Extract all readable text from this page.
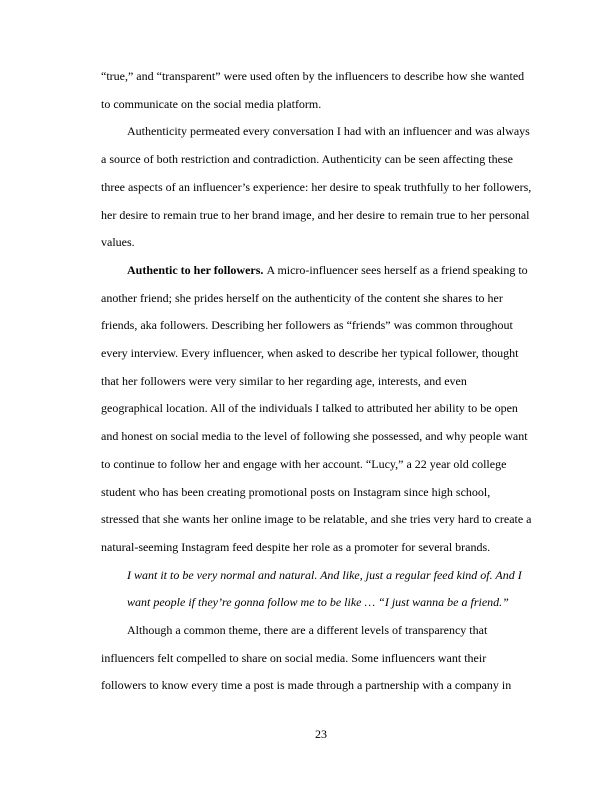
“true,” and “transparent” were used often by the influencers to describe how she wanted
to communicate on the social media platform.
Authenticity permeated every conversation I had with an influencer and was always
a source of both restriction and contradiction. Authenticity can be seen affecting these
three aspects of an influencer’s experience: her desire to speak truthfully to her followers,
her desire to remain true to her brand image, and her desire to remain true to her personal
values.
Authentic to her followers. A micro-influencer sees herself as a friend speaking to
another friend; she prides herself on the authenticity of the content she shares to her
friends, aka followers. Describing her followers as “friends” was common throughout
every interview. Every influencer, when asked to describe her typical follower, thought
that her followers were very similar to her regarding age, interests, and even
geographical location. All of the individuals I talked to attributed her ability to be open
and honest on social media to the level of following she possessed, and why people want
to continue to follow her and engage with her account. “Lucy,” a 22 year old college
student who has been creating promotional posts on Instagram since high school,
stressed that she wants her online image to be relatable, and she tries very hard to create a
natural-seeming Instagram feed despite her role as a promoter for several brands.
I want it to be very normal and natural. And like, just a regular feed kind of. And I
want people if they’re gonna follow me to be like … “I just wanna be a friend.”
Although a common theme, there are a different levels of transparency that
influencers felt compelled to share on social media. Some influencers want their
followers to know every time a post is made through a partnership with a company in
23
